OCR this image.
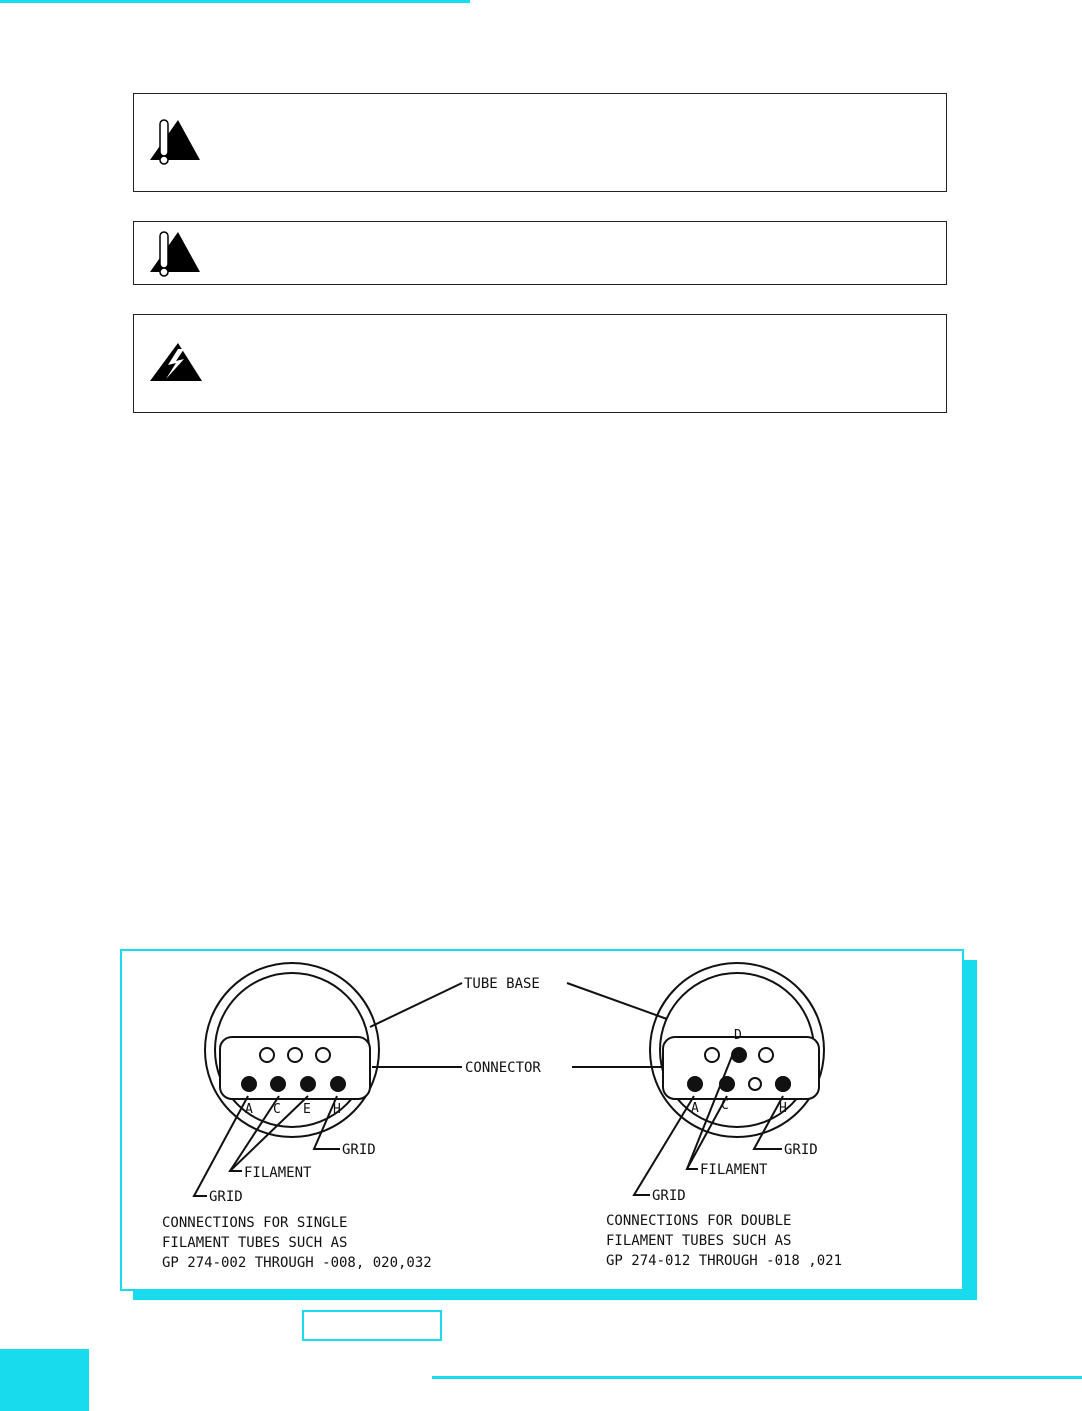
TUBE BASE
CONNECTOR
A C E H
GRID
FILAMENT
GRID
CONNECTIONS FOR SINGLE
FILAMENT TUBES SUCH AS
GP 274-002 THROUGH -008, 020,032
D
A C	H
GRID
FILAMENT
GRID
CONNECTIONS FOR DOUBLE
FILAMENT TUBES SUCH AS
GP 274-012 THROUGH -018 ,021
